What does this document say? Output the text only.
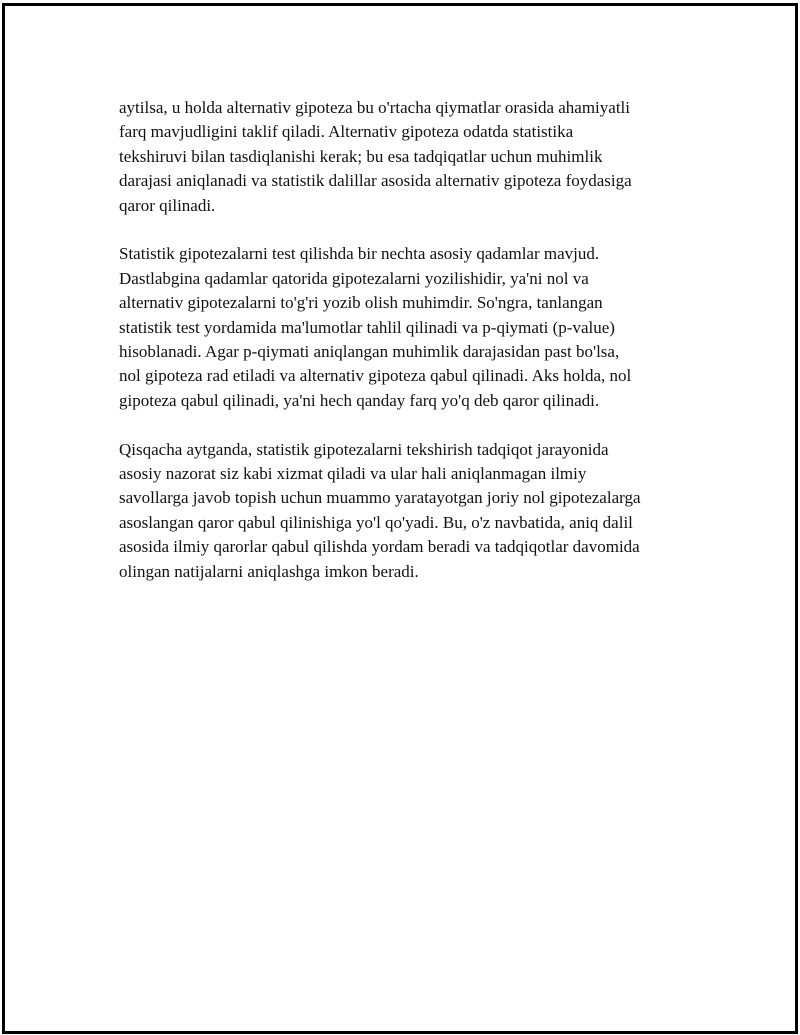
aytilsa, u holda alternativ gipoteza bu o'rtacha qiymatlar orasida ahamiyatli
farq mavjudligini taklif qiladi. Alternativ gipoteza odatda statistika
tekshiruvi bilan tasdiqlanishi kerak; bu esa tadqiqatlar uchun muhimlik
darajasi aniqlanadi va statistik dalillar asosida alternativ gipoteza foydasiga
qaror qilinadi.

Statistik gipotezalarni test qilishda bir nechta asosiy qadamlar mavjud.
Dastlabgina qadamlar qatorida gipotezalarni yozilishidir, ya'ni nol va
alternativ gipotezalarni to'g'ri yozib olish muhimdir. So'ngra, tanlangan
statistik test yordamida ma'lumotlar tahlil qilinadi va p-qiymati (p-value)
hisoblanadi. Agar p-qiymati aniqlangan muhimlik darajasidan past bo'lsa,
nol gipoteza rad etiladi va alternativ gipoteza qabul qilinadi. Aks holda, nol
gipoteza qabul qilinadi, ya'ni hech qanday farq yo'q deb qaror qilinadi.

Qisqacha aytganda, statistik gipotezalarni tekshirish tadqiqot jarayonida
asosiy nazorat siz kabi xizmat qiladi va ular hali aniqlanmagan ilmiy
savollarga javob topish uchun muammo yaratayotgan joriy nol gipotezalarga
asoslangan qaror qabul qilinishiga yo'l qo'yadi. Bu, o'z navbatida, aniq dalil
asosida ilmiy qarorlar qabul qilishda yordam beradi va tadqiqotlar davomida
olingan natijalarni aniqlashga imkon beradi.
